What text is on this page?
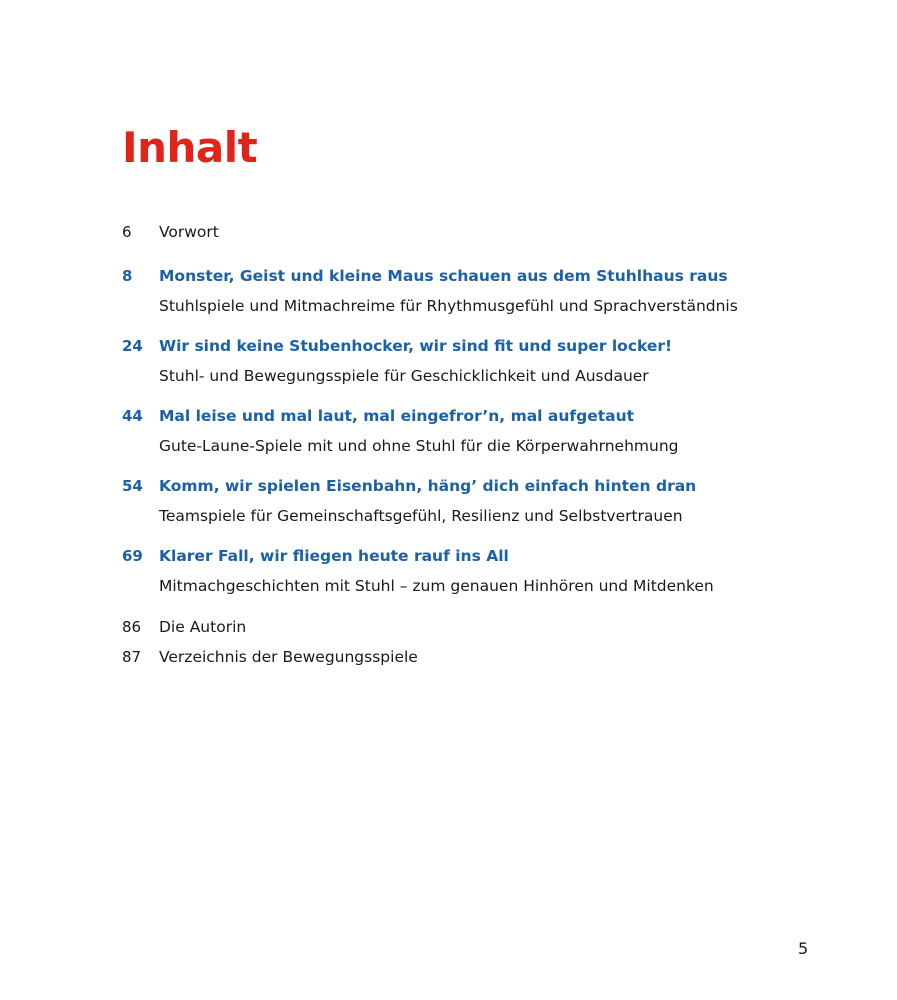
Inhalt
6	Vorwort
8	Monster, Geist und kleine Maus schauen aus dem Stuhlhaus raus
Stuhlspiele und Mitmachreime für Rhythmusgefühl und Sprachverständnis
24	Wir sind keine Stubenhocker, wir sind fit und super locker!
Stuhl- und Bewegungsspiele für Geschicklichkeit und Ausdauer
44	Mal leise und mal laut, mal eingefror’n, mal aufgetaut
Gute-Laune-Spiele mit und ohne Stuhl für die Körperwahrnehmung
54	Komm, wir spielen Eisenbahn, häng’ dich einfach hinten dran
Teamspiele für Gemeinschaftsgefühl, Resilienz und Selbstvertrauen
69	Klarer Fall, wir fliegen heute rauf ins All
Mitmachgeschichten mit Stuhl – zum genauen Hinhören und Mitdenken
86	Die Autorin
87	Verzeichnis der Bewegungsspiele
5
